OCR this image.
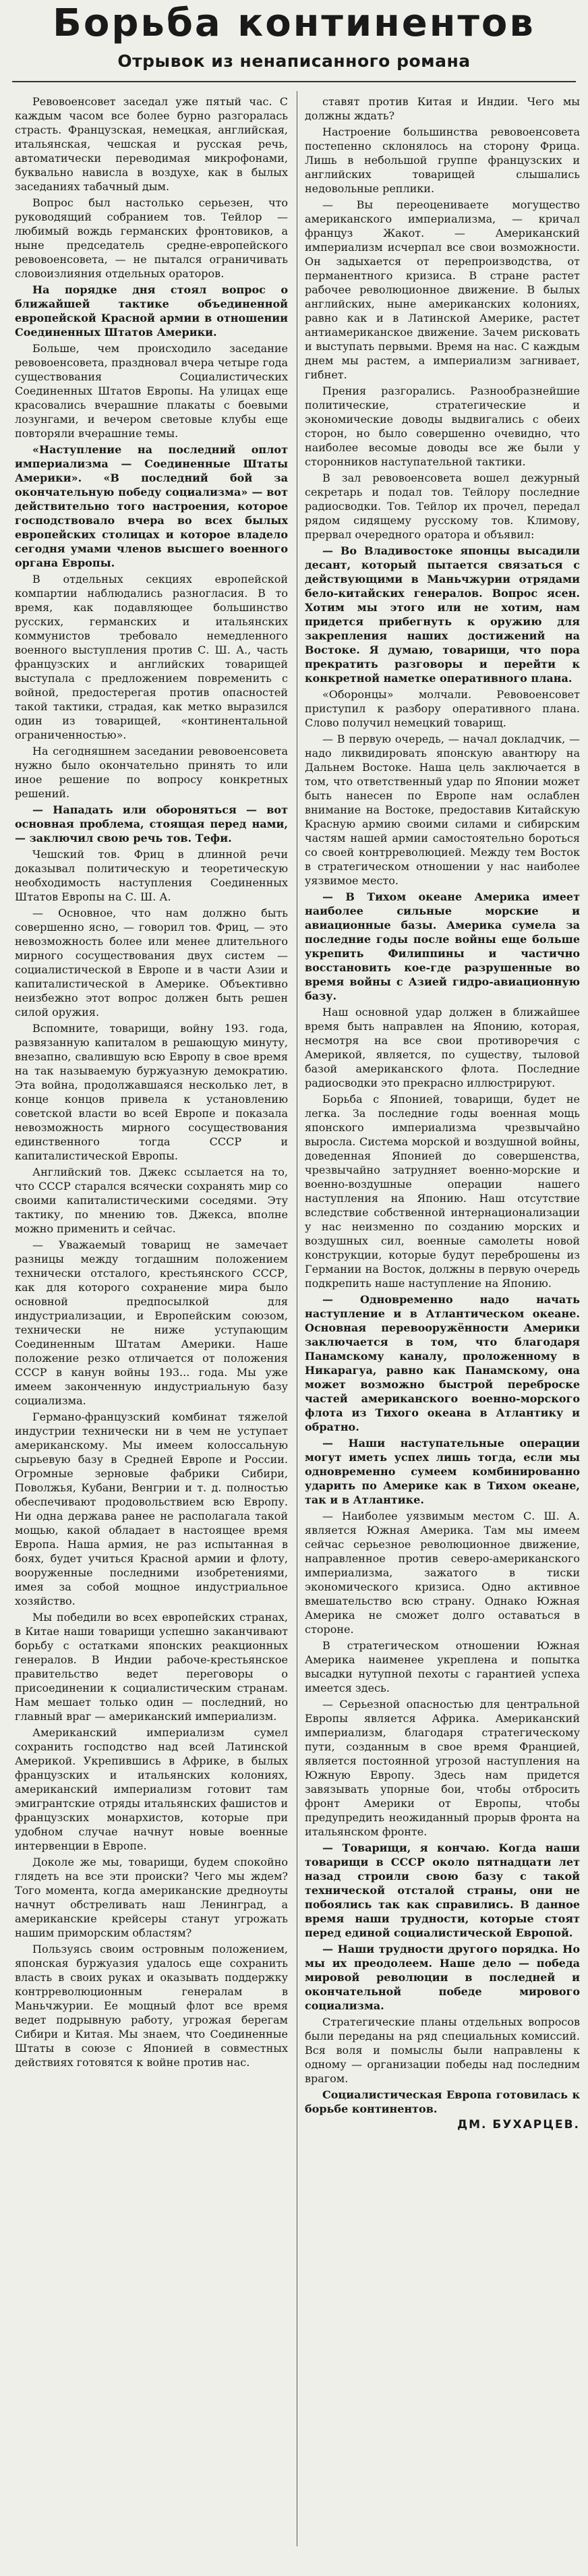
Борьба континентов
Отрывок из ненаписанного романа

Ревовоенсовет заседал уже пятый час. С каждым часом все более бурно разгоралась страсть. Французская, немецкая, английская, итальянская, чешская и русская речь, автоматически переводимая микрофонами, буквально нависла в воздухе, как в былых заседаниях табачный дым.

Вопрос был настолько серьезен, что руководящий собранием тов. Тейлор — любимый вождь германских фронтовиков, а ныне председатель средне-европейского ревовоенсовета, — не пытался ограничивать словоизлияния отдельных ораторов.

На порядке дня стоял вопрос о ближайшей тактике объединенной европейской Красной армии в отношении Соединенных Штатов Америки.

Больше, чем происходило заседание ревовоенсовета, праздновал вчера четыре года существования Социалистических Соединенных Штатов Европы. На улицах еще красовались вчерашние плакаты с боевыми лозунгами, и вечером световые клубы еще повторяли вчерашние темы.

«Наступление на последний оплот империализма — Соединенные Штаты Америки». «В последний бой за окончательную победу социализма» — вот действительно того настроения, которое господствовало вчера во всех былых европейских столицах и которое владело сегодня умами членов высшего военного органа Европы.

В отдельных секциях европейской компартии наблюдались разногласия. В то время, как подавляющее большинство русских, германских и итальянских коммунистов требовало немедленного военного выступления против С. Ш. А., часть французских и английских товарищей выступала с предложением повременить с войной, предостерегая против опасностей такой тактики, страдая, как метко выразился один из товарищей, «континентальной ограниченностью».

На сегодняшнем заседании ревовоенсовета нужно было окончательно принять то или иное решение по вопросу конкретных решений.

— Нападать или обороняться — вот основная проблема, стоящая перед нами, — заключил свою речь тов. Тефи.

Чешский тов. Фриц в длинной речи доказывал политическую и теоретическую необходимость наступления Соединенных Штатов Европы на С. Ш. А.

— Основное, что нам должно быть совершенно ясно, — говорил тов. Фриц, — это невозможность более или менее длительного мирного сосуществования двух систем — социалистической в Европе и в части Азии и капиталистической в Америке. Объективно неизбежно этот вопрос должен быть решен силой оружия.

Вспомните, товарищи, войну 193. года, развязанную капиталом в решающую минуту, внезапно, свалившую всю Европу в свое время на так называемую буржуазную демократию. Эта война, продолжавшаяся несколько лет, в конце концов привела к установлению советской власти во всей Европе и показала невозможность мирного сосуществования единственного тогда СССР и капиталистической Европы.

Английский тов. Джекс ссылается на то, что СССР старался всячески сохранять мир со своими капиталистическими соседями. Эту тактику, по мнению тов. Джекса, вполне можно применить и сейчас.

— Уважаемый товарищ не замечает разницы между тогдашним положением технически отсталого, крестьянского СССР, как для которого сохранение мира было основной предпосылкой для индустриализации, и Европейским союзом, технически не ниже уступающим Соединенным Штатам Америки. Наше положение резко отличается от положения СССР в канун войны 193... года. Мы уже имеем законченную индустриальную базу социализма.

Германо-французский комбинат тяжелой индустрии технически ни в чем не уступает американскому. Мы имеем колоссальную сырьевую базу в Средней Европе и России. Огромные зерновые фабрики Сибири, Поволжья, Кубани, Венгрии и т. д. полностью обеспечивают продовольствием всю Европу. Ни одна держава ранее не располагала такой мощью, какой обладает в настоящее время Европа. Наша армия, не раз испытанная в боях, будет учиться Красной армии и флоту, вооруженные последними изобретениями, имея за собой мощное индустриальное хозяйство.

Мы победили во всех европейских странах, в Китае наши товарищи успешно заканчивают борьбу с остатками японских реакционных генералов. В Индии рабоче-крестьянское правительство ведет переговоры о присоединении к социалистическим странам. Нам мешает только один — последний, но главный враг — американский империализм.

Американский империализм сумел сохранить господство над всей Латинской Америкой. Укрепившись в Африке, в былых французских и итальянских колониях, американский империализм готовит там эмигрантские отряды итальянских фашистов и французских монархистов, которые при удобном случае начнут новые военные интервенции в Европе.

Доколе же мы, товарищи, будем спокойно глядеть на все эти происки? Чего мы ждем? Того момента, когда американские дредноуты начнут обстреливать наш Ленинград, а американские крейсеры станут угрожать нашим приморским областям?

Пользуясь своим островным положением, японская буржуазия удалось еще сохранить власть в своих руках и оказывать поддержку контрреволюционным генералам в Маньчжурии. Ее мощный флот все время ведет подрывную работу, угрожая берегам Сибири и Китая. Мы знаем, что Соединенные Штаты в союзе с Японией в совместных действиях готовятся к войне против нас.

ставят против Китая и Индии. Чего мы должны ждать?

Настроение большинства ревовоенсовета постепенно склонялось на сторону Фрица. Лишь в небольшой группе французских и английских товарищей слышались недовольные реплики.

— Вы переоцениваете могущество американского империализма, — кричал француз Жакот. — Американский империализм исчерпал все свои возможности. Он задыхается от перепроизводства, от перманентного кризиса. В стране растет рабочее революционное движение. В былых английских, ныне американских колониях, равно как и в Латинской Америке, растет антиамериканское движение. Зачем рисковать и выступать первыми. Время на нас. С каждым днем мы растем, а империализм загнивает, гибнет.

Прения разгорались. Разнообразнейшие политические, стратегические и экономические доводы выдвигались с обеих сторон, но было совершенно очевидно, что наиболее весомые доводы все же были у сторонников наступательной тактики.

В зал ревовоенсовета вошел дежурный секретарь и подал тов. Тейлору последние радиосводки. Тов. Тейлор их прочел, передал рядом сидящему русскому тов. Климову, прервал очередного оратора и объявил:

— Во Владивостоке японцы высадили десант, который пытается связаться с действующими в Маньчжурии отрядами бело-китайских генералов. Вопрос ясен. Хотим мы этого или не хотим, нам придется прибегнуть к оружию для закрепления наших достижений на Востоке. Я думаю, товарищи, что пора прекратить разговоры и перейти к конкретной наметке оперативного плана.

«Оборонцы» молчали. Ревовоенсовет приступил к разбору оперативного плана. Слово получил немецкий товарищ.

— В первую очередь, — начал докладчик, — надо ликвидировать японскую авантюру на Дальнем Востоке. Наша цель заключается в том, что ответственный удар по Японии может быть нанесен по Европе нам ослаблен внимание на Востоке, предоставив Китайскую Красную армию своими силами и сибирским частям нашей армии самостоятельно бороться со своей контрреволюцией. Между тем Восток в стратегическом отношении у нас наиболее уязвимое место.

— В Тихом океане Америка имеет наиболее сильные морские и авиационные базы. Америка сумела за последние годы после войны еще больше укрепить Филиппины и частично восстановить кое-где разрушенные во время войны с Азией гидро-авиационную базу.

Наш основной удар должен в ближайшее время быть направлен на Японию, которая, несмотря на все свои противоречия с Америкой, является, по существу, тыловой базой американского флота. Последние радиосводки это прекрасно иллюстрируют.

Борьба с Японией, товарищи, будет не легка. За последние годы военная мощь японского империализма чрезвычайно выросла. Система морской и воздушной войны, доведенная Японией до совершенства, чрезвычайно затрудняет военно-морские и военно-воздушные операции нашего наступления на Японию. Наш отсутствие вследствие собственной интернационализации у нас неизменно по созданию морских и воздушных сил, военные самолеты новой конструкции, которые будут переброшены из Германии на Восток, должны в первую очередь подкрепить наше наступление на Японию.

— Одновременно надо начать наступление и в Атлантическом океане. Основная перевооружённости Америки заключается в том, что благодаря Панамскому каналу, проложенному в Никарагуа, равно как Панамскому, она может возможно быстрой переброске частей американского военно-морского флота из Тихого океана в Атлантику и обратно.

— Наши наступательные операции могут иметь успех лишь тогда, если мы одновременно сумеем комбинированно ударить по Америке как в Тихом океане, так и в Атлантике.

— Наиболее уязвимым местом С. Ш. А. является Южная Америка. Там мы имеем сейчас серьезное революционное движение, направленное против северо-американского империализма, зажатого в тиски экономического кризиса. Одно активное вмешательство всю страну. Однако Южная Америка не сможет долго оставаться в стороне.

В стратегическом отношении Южная Америка наименее укреплена и попытка высадки нутупной пехоты с гарантией успеха имеется здесь.

— Серьезной опасностью для центральной Европы является Африка. Американский империализм, благодаря стратегическому пути, созданным в свое время Францией, является постоянной угрозой наступления на Южную Европу. Здесь нам придется завязывать упорные бои, чтобы отбросить фронт Америки от Европы, чтобы предупредить неожиданный прорыв фронта на итальянском фронте.

— Товарищи, я кончаю. Когда наши товарищи в СССР около пятнадцати лет назад строили свою базу с такой технической отсталой страны, они не побоялись так как справились. В данное время наши трудности, которые стоят перед единой социалистической Европой.

— Наши трудности другого порядка. Но мы их преодолеем. Наше дело — победа мировой революции в последней и окончательной победе мирового социализма.

Стратегические планы отдельных вопросов были переданы на ряд специальных комиссий. Вся воля и помыслы были направлены к одному — организации победы над последним врагом.

Социалистическая Европа готовилась к борьбе континентов.

ДМ. БУХАРЦЕВ.
